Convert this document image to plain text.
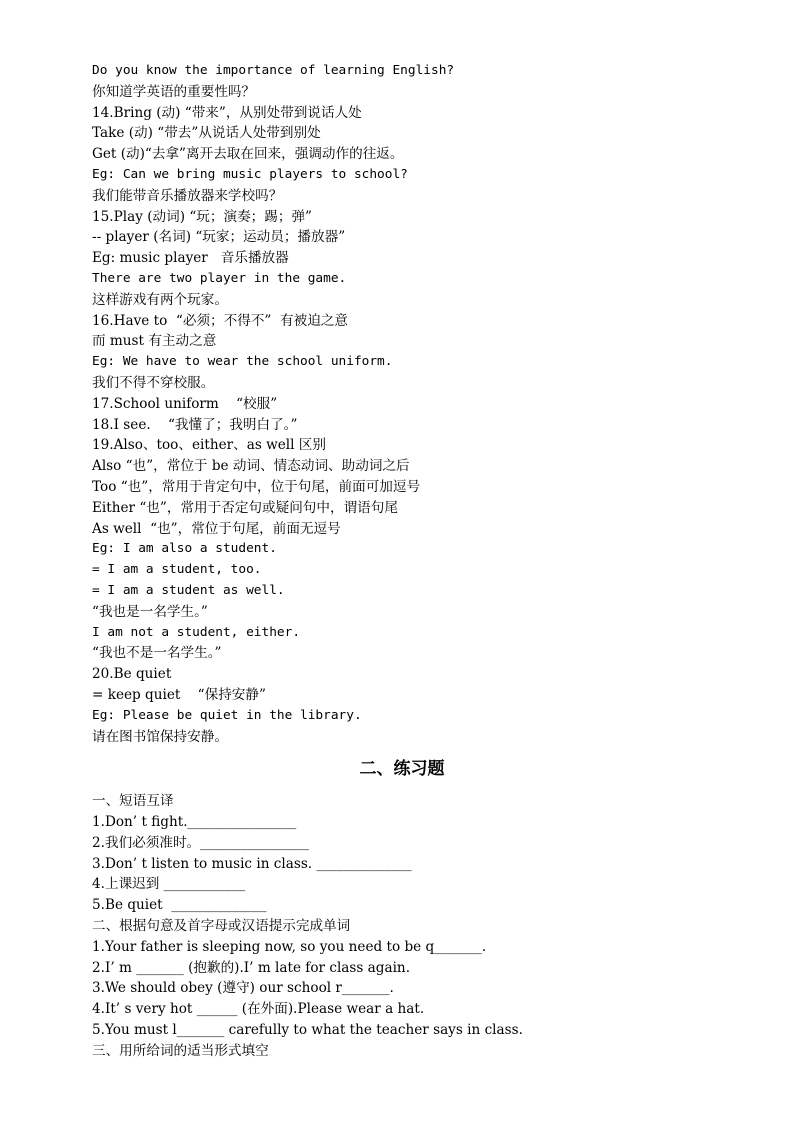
Do you know the importance of learning English?
你知道学英语的重要性吗？
14.Bring (动) “带来”，从别处带到说话人处
Take (动) “带去”从说话人处带到别处
Get (动)“去拿”离开去取在回来，强调动作的往返。
Eg: Can we bring music players to school?
我们能带音乐播放器来学校吗？
15.Play (动词) “玩；演奏；踢；弹”
-- player (名词) “玩家；运动员；播放器”
Eg: music player   音乐播放器
There are two player in the game.
这样游戏有两个玩家。
16.Have to  “必须；不得不”  有被迫之意
而 must 有主动之意
Eg: We have to wear the school uniform.
我们不得不穿校服。
17.School uniform    “校服”
18.I see.    “我懂了；我明白了。”
19.Also、too、either、as well 区别
Also “也”，常位于 be 动词、情态动词、助动词之后
Too “也”，常用于肯定句中，位于句尾，前面可加逗号
Either “也”，常用于否定句或疑问句中，谓语句尾
As well  “也”，常位于句尾，前面无逗号
Eg: I am also a student.
= I am a student, too.
= I am a student as well.
“我也是一名学生。”
I am not a student, either.
“我也不是一名学生。”
20.Be quiet
= keep quiet    “保持安静”
Eg: Please be quiet in the library.
请在图书馆保持安静。
二、练习题
一、短语互译
1.Don’ t fight.________________
2.我们必须准时。________________
3.Don’ t listen to music in class. ______________
4.上课迟到 ____________
5.Be quiet  ______________
二、根据句意及首字母或汉语提示完成单词
1.Your father is sleeping now, so you need to be q_______.
2.I’ m _______ (抱歉的).I’ m late for class again.
3.We should obey (遵守) our school r_______.
4.It’ s very hot ______ (在外面).Please wear a hat.
5.You must l_______ carefully to what the teacher says in class.
三、用所给词的适当形式填空
